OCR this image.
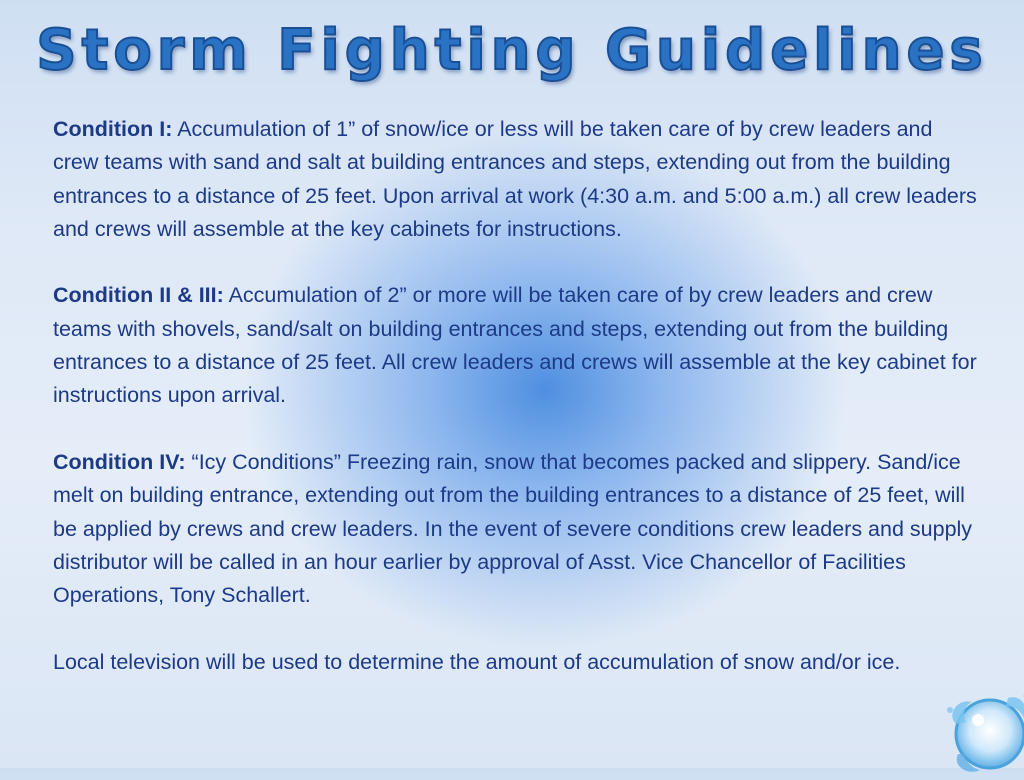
Storm Fighting Guidelines

Condition I: Accumulation of 1” of snow/ice or less will be taken care of by crew leaders and crew teams with sand and salt at building entrances and steps, extending out from the building entrances to a distance of 25 feet. Upon arrival at work (4:30 a.m. and 5:00 a.m.) all crew leaders and crews will assemble at the key cabinets for instructions.

Condition II & III: Accumulation of 2” or more will be taken care of by crew leaders and crew teams with shovels, sand/salt on building entrances and steps, extending out from the building entrances to a distance of 25 feet. All crew leaders and crews will assemble at the key cabinet for instructions upon arrival.

Condition IV: “Icy Conditions” Freezing rain, snow that becomes packed and slippery. Sand/ice melt on building entrance, extending out from the building entrances to a distance of 25 feet, will be applied by crews and crew leaders. In the event of severe conditions crew leaders and supply distributor will be called in an hour earlier by approval of Asst. Vice Chancellor of Facilities Operations, Tony Schallert.

Local television will be used to determine the amount of accumulation of snow and/or ice.
